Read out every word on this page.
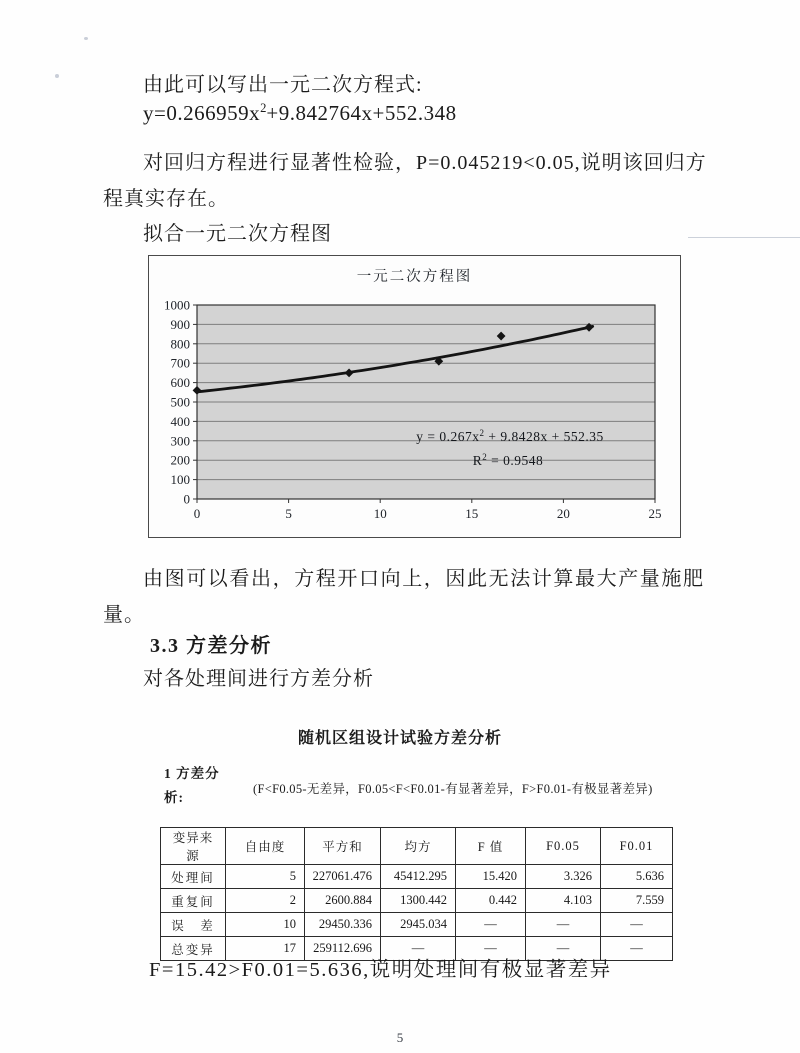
由此可以写出一元二次方程式:
$y=0.266959x^2+9.842764x+552.348$
对回归方程进行显著性检验，P=0.045219<0.05,说明该回归方
程真实存在。
拟合一元二次方程图
一元二次方程图
0
100
200
300
400
500
600
700
800
900
1000
0	5	10	15	20	25
$y = 0.267x^2 + 9.8428x + 552.35$
$R^2 = 0.9548$
由图可以看出，方程开口向上，因此无法计算最大产量施肥
量。
3.3 方差分析
对各处理间进行方差分析
随机区组设计试验方差分析
1 方差分
析:
(F<F0.05-无差异，F0.05<F<F0.01-有显著差异，F>F0.01-有极显著差异)
变异来源	自由度	平方和	均方	F 值	F0.05	F0.01
处理间	5	227061.476	45412.295	15.420	3.326	5.636
重复间	2	2600.884	1300.442	0.442	4.103	7.559
误　差	10	29450.336	2945.034	—	—	—
总变异	17	259112.696	—	—	—	—
F=15.42>F0.01=5.636,说明处理间有极显著差异
5
